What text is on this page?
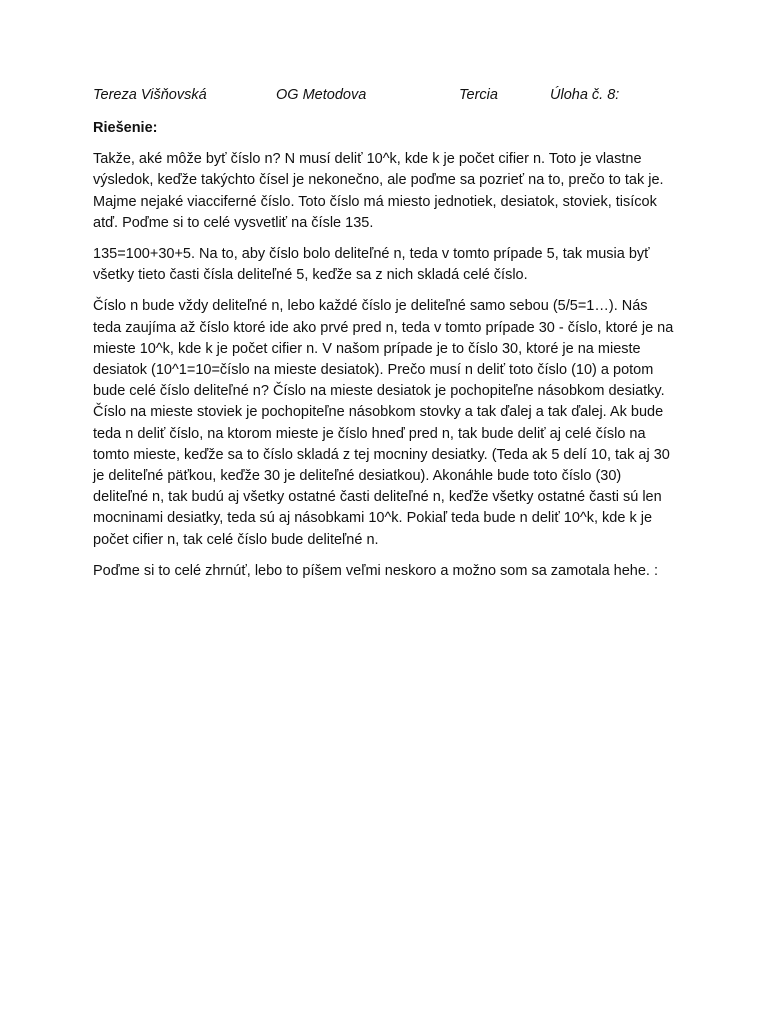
Tereza Višňovská	OG Metodova	Tercia	Úloha č. 8:
Riešenie:

Takže, aké môže byť číslo n? N musí deliť 10^k, kde k je počet cifier n. Toto je vlastne výsledok, keďže takýchto čísel je nekonečno, ale poďme sa pozrieť na to, prečo to tak je. Majme nejaké viacciferné číslo. Toto číslo má miesto jednotiek, desiatok, stoviek, tisícok atď. Poďme si to celé vysvetliť na čísle 135.

135=100+30+5. Na to, aby číslo bolo deliteľné n, teda v tomto prípade 5, tak musia byť všetky tieto časti čísla deliteľné 5, keďže sa z nich skladá celé číslo.

Číslo n bude vždy deliteľné n, lebo každé číslo je deliteľné samo sebou (5/5=1…). Nás teda zaujíma až číslo ktoré ide ako prvé pred n, teda v tomto prípade 30 - číslo, ktoré je na mieste 10^k, kde k je počet cifier n. V našom prípade je to číslo 30, ktoré je na mieste desiatok (10^1=10=číslo na mieste desiatok). Prečo musí n deliť toto číslo (10) a potom bude celé číslo deliteľné n? Číslo na mieste desiatok je pochopiteľne násobkom desiatky. Číslo na mieste stoviek je pochopiteľne násobkom stovky a tak ďalej a tak ďalej. Ak bude teda n deliť číslo, na ktorom mieste je číslo hneď pred n, tak bude deliť aj celé číslo na tomto mieste, keďže sa to číslo skladá z tej mocniny desiatky. (Teda ak 5 delí 10, tak aj 30 je deliteľné päťkou, keďže 30 je deliteľné desiatkou). Akonáhle bude toto číslo (30) deliteľné n, tak budú aj všetky ostatné časti deliteľné n, keďže všetky ostatné časti sú len mocninami desiatky, teda sú aj násobkami 10^k. Pokiaľ teda bude n deliť 10^k, kde k je počet cifier n, tak celé číslo bude deliteľné n.

Poďme si to celé zhrnúť, lebo to píšem veľmi neskoro a možno som sa zamotala hehe. :
